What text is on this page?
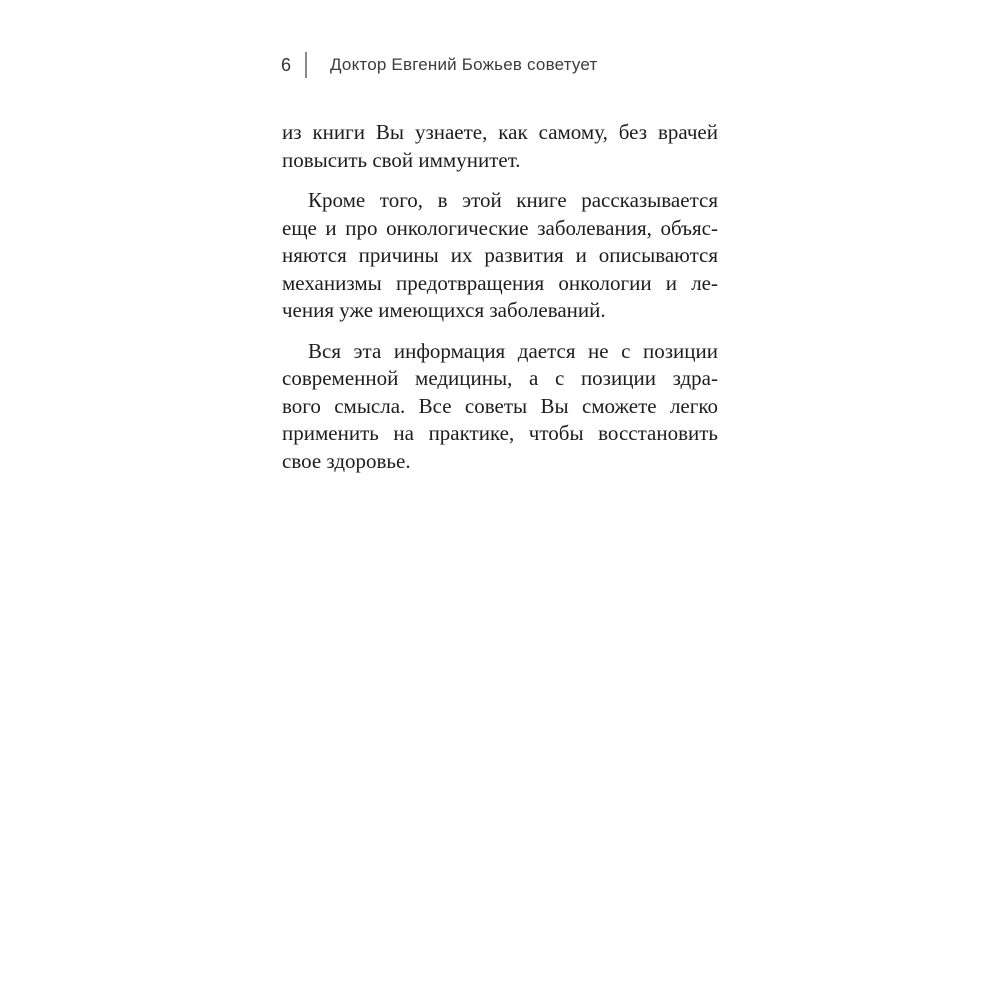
6 Доктор Евгений Божьев советует

из книги Вы узнаете, как самому, без врачей
повысить свой иммунитет.

Кроме того, в этой книге рассказывается
еще и про онкологические заболевания, объяс-
няются причины их развития и описываются
механизмы предотвращения онкологии и ле-
чения уже имеющихся заболеваний.

Вся эта информация дается не с позиции
современной медицины, а с позиции здра-
вого смысла. Все советы Вы сможете легко
применить на практике, чтобы восстановить
свое здоровье.
